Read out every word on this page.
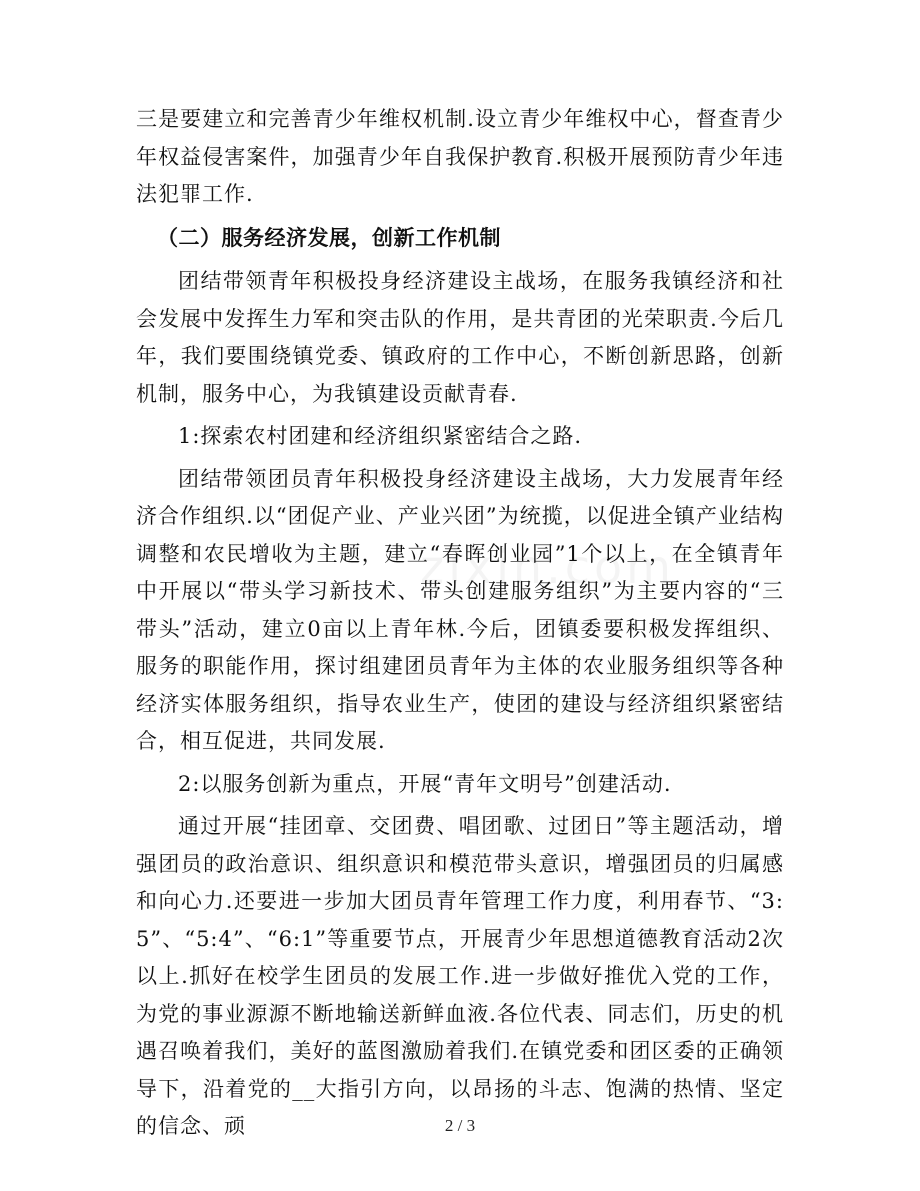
三是要建立和完善青少年维权机制.设立青少年维权中心，督查青少年权益侵害案件，加强青少年自我保护教育.积极开展预防青少年违法犯罪工作.

（二）服务经济发展，创新工作机制

团结带领青年积极投身经济建设主战场，在服务我镇经济和社会发展中发挥生力军和突击队的作用，是共青团的光荣职责.今后几年，我们要围绕镇党委、镇政府的工作中心，不断创新思路，创新机制，服务中心，为我镇建设贡献青春.

1:探索农村团建和经济组织紧密结合之路.

团结带领团员青年积极投身经济建设主战场，大力发展青年经济合作组织.以“团促产业、产业兴团”为统揽，以促进全镇产业结构调整和农民增收为主题，建立“春晖创业园”1个以上，在全镇青年中开展以“带头学习新技术、带头创建服务组织”为主要内容的“三带头”活动，建立0亩以上青年林.今后，团镇委要积极发挥组织、服务的职能作用，探讨组建团员青年为主体的农业服务组织等各种经济实体服务组织，指导农业生产，使团的建设与经济组织紧密结合，相互促进，共同发展.

2:以服务创新为重点，开展“青年文明号”创建活动.

通过开展“挂团章、交团费、唱团歌、过团日”等主题活动，增强团员的政治意识、组织意识和模范带头意识，增强团员的归属感和向心力.还要进一步加大团员青年管理工作力度，利用春节、“3:5”、“5:4”、“6:1”等重要节点，开展青少年思想道德教育活动2次以上.抓好在校学生团员的发展工作.进一步做好推优入党的工作，为党的事业源源不断地输送新鲜血液.各位代表、同志们，历史的机遇召唤着我们，美好的蓝图激励着我们.在镇党委和团区委的正确领导下，沿着党的__大指引方向，以昂扬的斗志、饱满的热情、坚定的信念、顽	2 / 3
